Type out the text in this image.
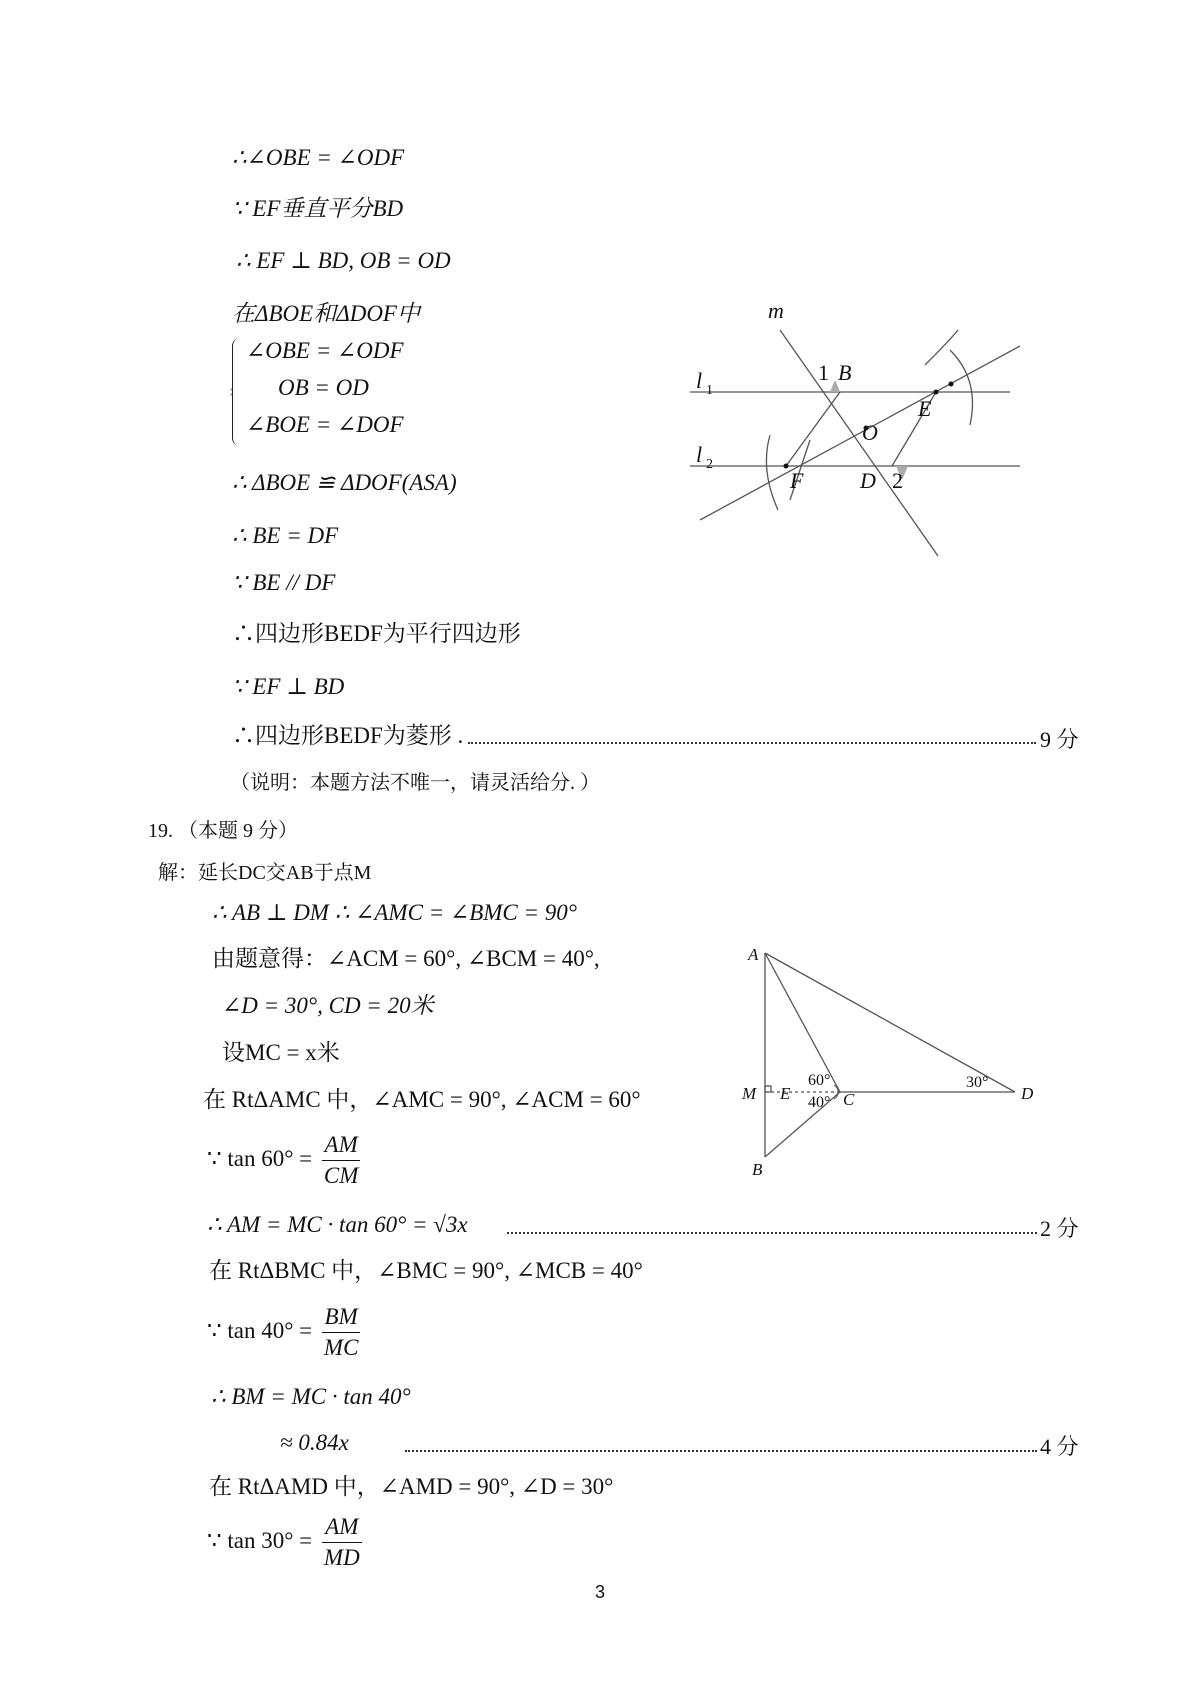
∴∠OBE = ∠ODF
∵ EF垂直平分BD
∴ EF ⊥ BD, OB = OD
在ΔBOE和ΔDOF中
∠OBE = ∠ODF
OB = OD
∠BOE = ∠DOF
∴ ΔBOE ≌ ΔDOF(ASA)
∴ BE = DF
∵ BE // DF
∴四边形BEDF为平行四边形
∵ EF ⊥ BD
∴四边形BEDF为菱形 .	9 分
（说明：本题方法不唯一，请灵活给分. ）
m
B
1
l 1
l 2
E
O
F	D 2
19. （本题 9 分）
解：延长DC交AB于点M
∴ AB ⊥ DM ∴ ∠AMC = ∠BMC = 90°
由题意得：∠ACM = 60°, ∠BCM = 40°,
∠D = 30°, CD = 20米
设MC = x米
在 RtΔAMC 中，∠AMC = 90°, ∠ACM = 60°
∵ $\tan 60^\circ = \frac{AM}{CM}$
∴ AM = MC · tan 60° = √3x	2 分
在 RtΔBMC 中，∠BMC = 90°, ∠MCB = 40°
∵ $\tan 40^\circ = \frac{BM}{MC}$
∴ BM = MC · tan 40°
≈ 0.84x	4 分
在 RtΔAMD 中，∠AMD = 90°, ∠D = 30°
∵ $\tan 30^\circ = \frac{AM}{MD}$
A
M E	C	D
B
60°
40°
30°
3
